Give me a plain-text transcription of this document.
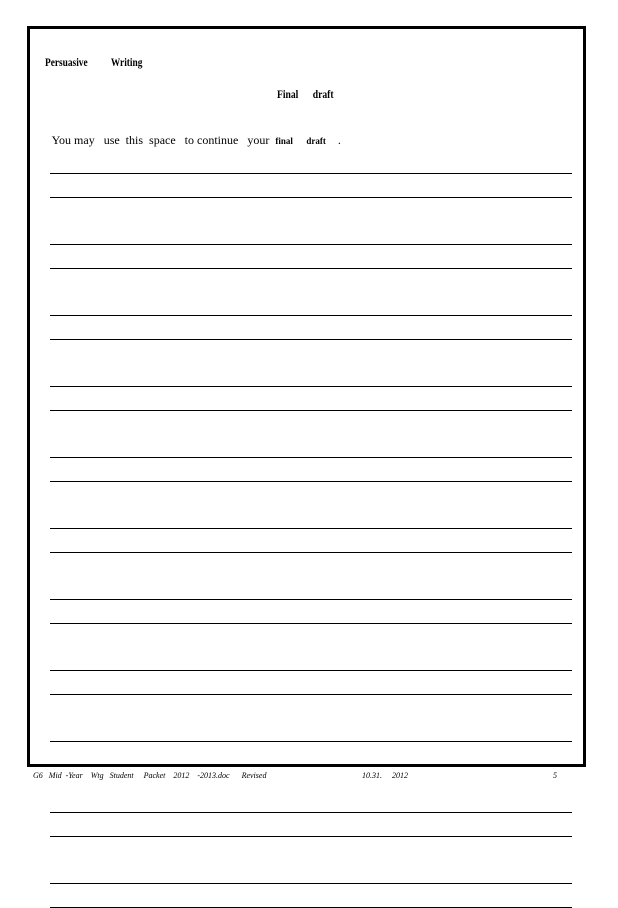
Persuasive          Writing
Final      draft

You may   use  this  space   to continue   your  final      draft    .

G6   Mid  -Year    Wtg   Student     Packet    2012    -2013.doc      Revised	10.31.     2012	5
